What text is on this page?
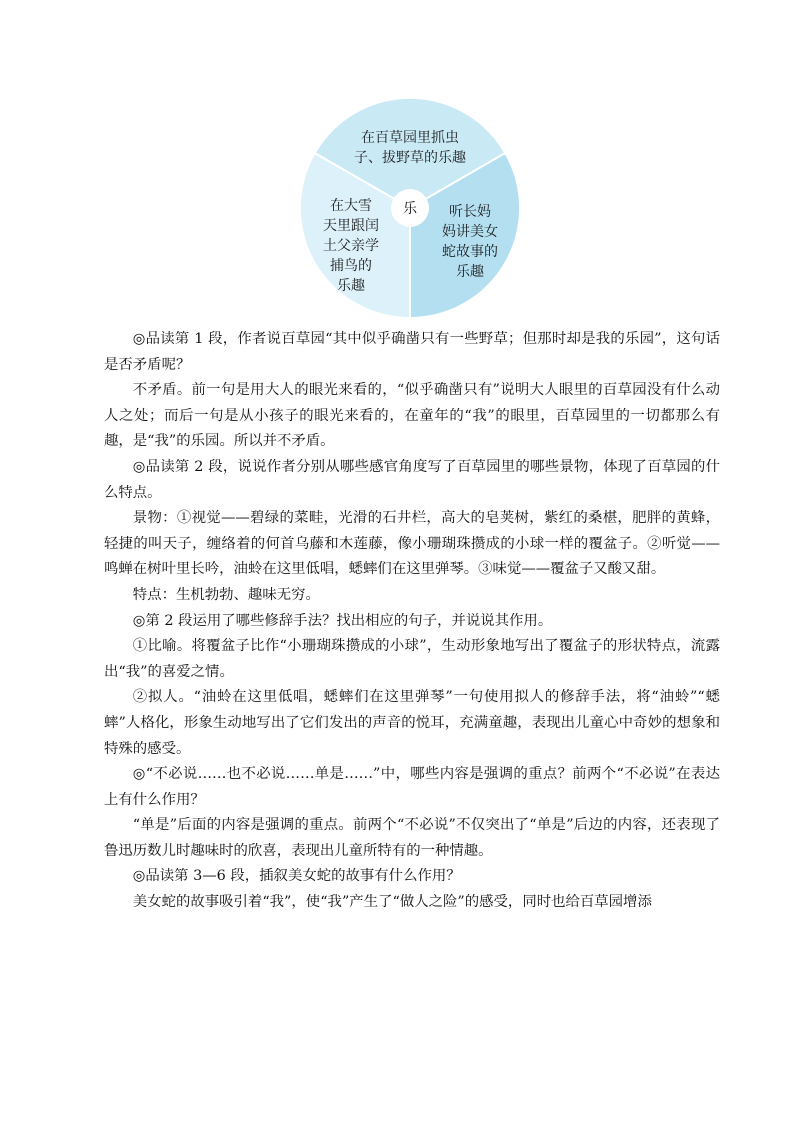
乐
在百草园里抓虫
子、拔野草的乐趣
听长妈
妈讲美女
蛇故事的
乐趣
在大雪
天里跟闰
土父亲学
捕鸟的
乐趣

◎品读第 1 段，作者说百草园“其中似乎确凿只有一些野草；但那时却是我的乐园”，这句话是否矛盾呢？

不矛盾。前一句是用大人的眼光来看的，“似乎确凿只有”说明大人眼里的百草园没有什么动人之处；而后一句是从小孩子的眼光来看的，在童年的“我”的眼里，百草园里的一切都那么有趣，是“我”的乐园。所以并不矛盾。

◎品读第 2 段，说说作者分别从哪些感官角度写了百草园里的哪些景物，体现了百草园的什么特点。

景物：①视觉——碧绿的菜畦，光滑的石井栏，高大的皂荚树，紫红的桑椹，肥胖的黄蜂，轻捷的叫天子，缠络着的何首乌藤和木莲藤，像小珊瑚珠攒成的小球一样的覆盆子。②听觉——鸣蝉在树叶里长吟，油蛉在这里低唱，蟋蟀们在这里弹琴。③味觉——覆盆子又酸又甜。

特点：生机勃勃、趣味无穷。

◎第 2 段运用了哪些修辞手法？找出相应的句子，并说说其作用。

①比喻。将覆盆子比作“小珊瑚珠攒成的小球”，生动形象地写出了覆盆子的形状特点，流露出“我”的喜爱之情。

②拟人。“油蛉在这里低唱，蟋蟀们在这里弹琴”一句使用拟人的修辞手法，将“油蛉”“蟋蟀”人格化，形象生动地写出了它们发出的声音的悦耳，充满童趣，表现出儿童心中奇妙的想象和特殊的感受。

◎“不必说……也不必说……单是……”中，哪些内容是强调的重点？前两个“不必说”在表达上有什么作用？

“单是”后面的内容是强调的重点。前两个“不必说”不仅突出了“单是”后边的内容，还表现了鲁迅历数儿时趣味时的欣喜，表现出儿童所特有的一种情趣。

◎品读第 3—6 段，插叙美女蛇的故事有什么作用？

美女蛇的故事吸引着“我”，使“我”产生了“做人之险”的感受，同时也给百草园增添
